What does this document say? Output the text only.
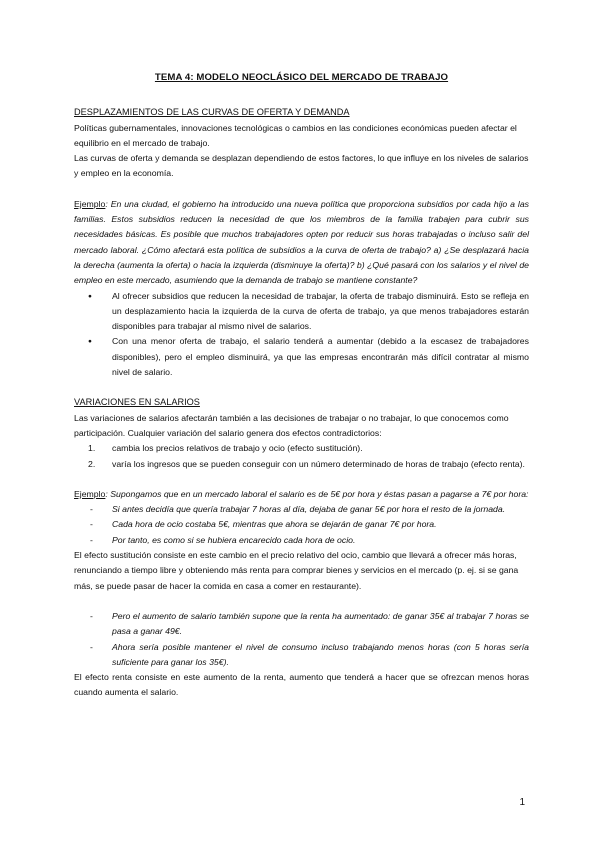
TEMA 4: MODELO NEOCLÁSICO DEL MERCADO DE TRABAJO

DESPLAZAMIENTOS DE LAS CURVAS DE OFERTA Y DEMANDA

Políticas gubernamentales, innovaciones tecnológicas o cambios en las condiciones económicas pueden afectar el equilibrio en el mercado de trabajo.

Las curvas de oferta y demanda se desplazan dependiendo de estos factores, lo que influye en los niveles de salarios y empleo en la economía.

Ejemplo: En una ciudad, el gobierno ha introducido una nueva política que proporciona subsidios por cada hijo a las familias. Estos subsidios reducen la necesidad de que los miembros de la familia trabajen para cubrir sus necesidades básicas. Es posible que muchos trabajadores opten por reducir sus horas trabajadas o incluso salir del mercado laboral. ¿Cómo afectará esta política de subsidios a la curva de oferta de trabajo? a) ¿Se desplazará hacia la derecha (aumenta la oferta) o hacia la izquierda (disminuye la oferta)? b) ¿Qué pasará con los salarios y el nivel de empleo en este mercado, asumiendo que la demanda de trabajo se mantiene constante?

● Al ofrecer subsidios que reducen la necesidad de trabajar, la oferta de trabajo disminuirá. Esto se refleja en un desplazamiento hacia la izquierda de la curva de oferta de trabajo, ya que menos trabajadores estarán disponibles para trabajar al mismo nivel de salarios.
● Con una menor oferta de trabajo, el salario tenderá a aumentar (debido a la escasez de trabajadores disponibles), pero el empleo disminuirá, ya que las empresas encontrarán más difícil contratar al mismo nivel de salario.

VARIACIONES EN SALARIOS

Las variaciones de salarios afectarán también a las decisiones de trabajar o no trabajar, lo que conocemos como participación. Cualquier variación del salario genera dos efectos contradictorios:

1. cambia los precios relativos de trabajo y ocio (efecto sustitución).
2. varía los ingresos que se pueden conseguir con un número determinado de horas de trabajo (efecto renta).

Ejemplo: Supongamos que en un mercado laboral el salario es de 5€ por hora y éstas pasan a pagarse a 7€ por hora:

- Si antes decidía que quería trabajar 7 horas al día, dejaba de ganar 5€ por hora el resto de la jornada.
- Cada hora de ocio costaba 5€, mientras que ahora se dejarán de ganar 7€ por hora.
- Por tanto, es como si se hubiera encarecido cada hora de ocio.

El efecto sustitución consiste en este cambio en el precio relativo del ocio, cambio que llevará a ofrecer más horas, renunciando a tiempo libre y obteniendo más renta para comprar bienes y servicios en el mercado (p. ej. si se gana más, se puede pasar de hacer la comida en casa a comer en restaurante).

- Pero el aumento de salario también supone que la renta ha aumentado: de ganar 35€ al trabajar 7 horas se pasa a ganar 49€.
- Ahora sería posible mantener el nivel de consumo incluso trabajando menos horas (con 5 horas sería suficiente para ganar los 35€).

El efecto renta consiste en este aumento de la renta, aumento que tenderá a hacer que se ofrezcan menos horas cuando aumenta el salario.

1
